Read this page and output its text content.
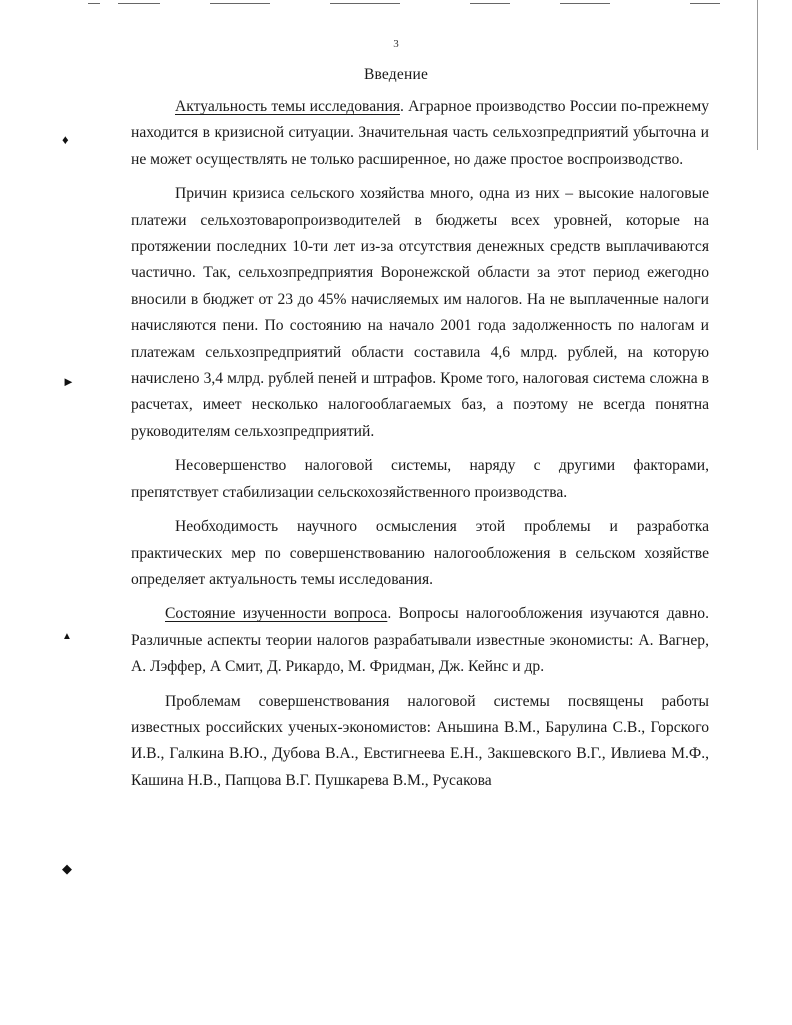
♦
►
▲
◆
3
Введение

Актуальность темы исследования. Аграрное производство России по-прежнему находится в кризисной ситуации. Значительная часть сельхозпредприятий убыточна и не может осуществлять не только расширенное, но даже простое воспроизводство.

Причин кризиса сельского хозяйства много, одна из них – высокие налоговые платежи сельхозтоваропроизводителей в бюджеты всех уровней, которые на протяжении последних 10-ти лет из-за отсутствия денежных средств выплачиваются частично. Так, сельхозпредприятия Воронежской области за этот период ежегодно вносили в бюджет от 23 до 45% начисляемых им налогов. На не выплаченные налоги начисляются пени. По состоянию на начало 2001 года задолженность по налогам и платежам сельхозпредприятий области составила 4,6 млрд. рублей, на которую начислено 3,4 млрд. рублей пеней и штрафов. Кроме того, налоговая система сложна в расчетах, имеет несколько налогооблагаемых баз, а поэтому не всегда понятна руководителям сельхозпредприятий.

Несовершенство налоговой системы, наряду с другими факторами, препятствует стабилизации сельскохозяйственного производства.

Необходимость научного осмысления этой проблемы и разработка практических мер по совершенствованию налогообложения в сельском хозяйстве определяет актуальность темы исследования.

Состояние изученности вопроса. Вопросы налогообложения изучаются давно. Различные аспекты теории налогов разрабатывали известные экономисты: А. Вагнер, А. Лэффер, А Смит, Д. Рикардо, М. Фридман, Дж. Кейнс и др.

Проблемам совершенствования налоговой системы посвящены работы известных российских ученых-экономистов: Аньшина В.М., Барулина С.В., Горского И.В., Галкина В.Ю., Дубова В.А., Евстигнеева Е.Н., Закшевского В.Г., Ивлиева М.Ф., Кашина Н.В., Папцова В.Г. Пушкарева В.М., Русакова
